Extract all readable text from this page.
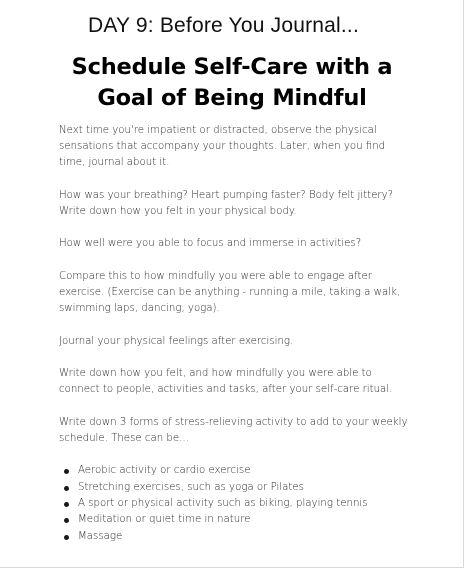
DAY 9: Before You Journal...
Schedule Self-Care with a
Goal of Being Mindful

Next time you're impatient or distracted, observe the physical sensations that accompany your thoughts. Later, when you find time, journal about it.

How was your breathing? Heart pumping faster? Body felt jittery? Write down how you felt in your physical body.

How well were you able to focus and immerse in activities?

Compare this to how mindfully you were able to engage after exercise. (Exercise can be anything - running a mile, taking a walk, swimming laps, dancing, yoga).

Journal your physical feelings after exercising.

Write down how you felt, and how mindfully you were able to connect to people, activities and tasks, after your self-care ritual.

Write down 3 forms of stress-relieving activity to add to your weekly schedule. These can be...

Aerobic activity or cardio exercise
Stretching exercises, such as yoga or Pilates
A sport or physical activity such as biking, playing tennis
Meditation or quiet time in nature
Massage
